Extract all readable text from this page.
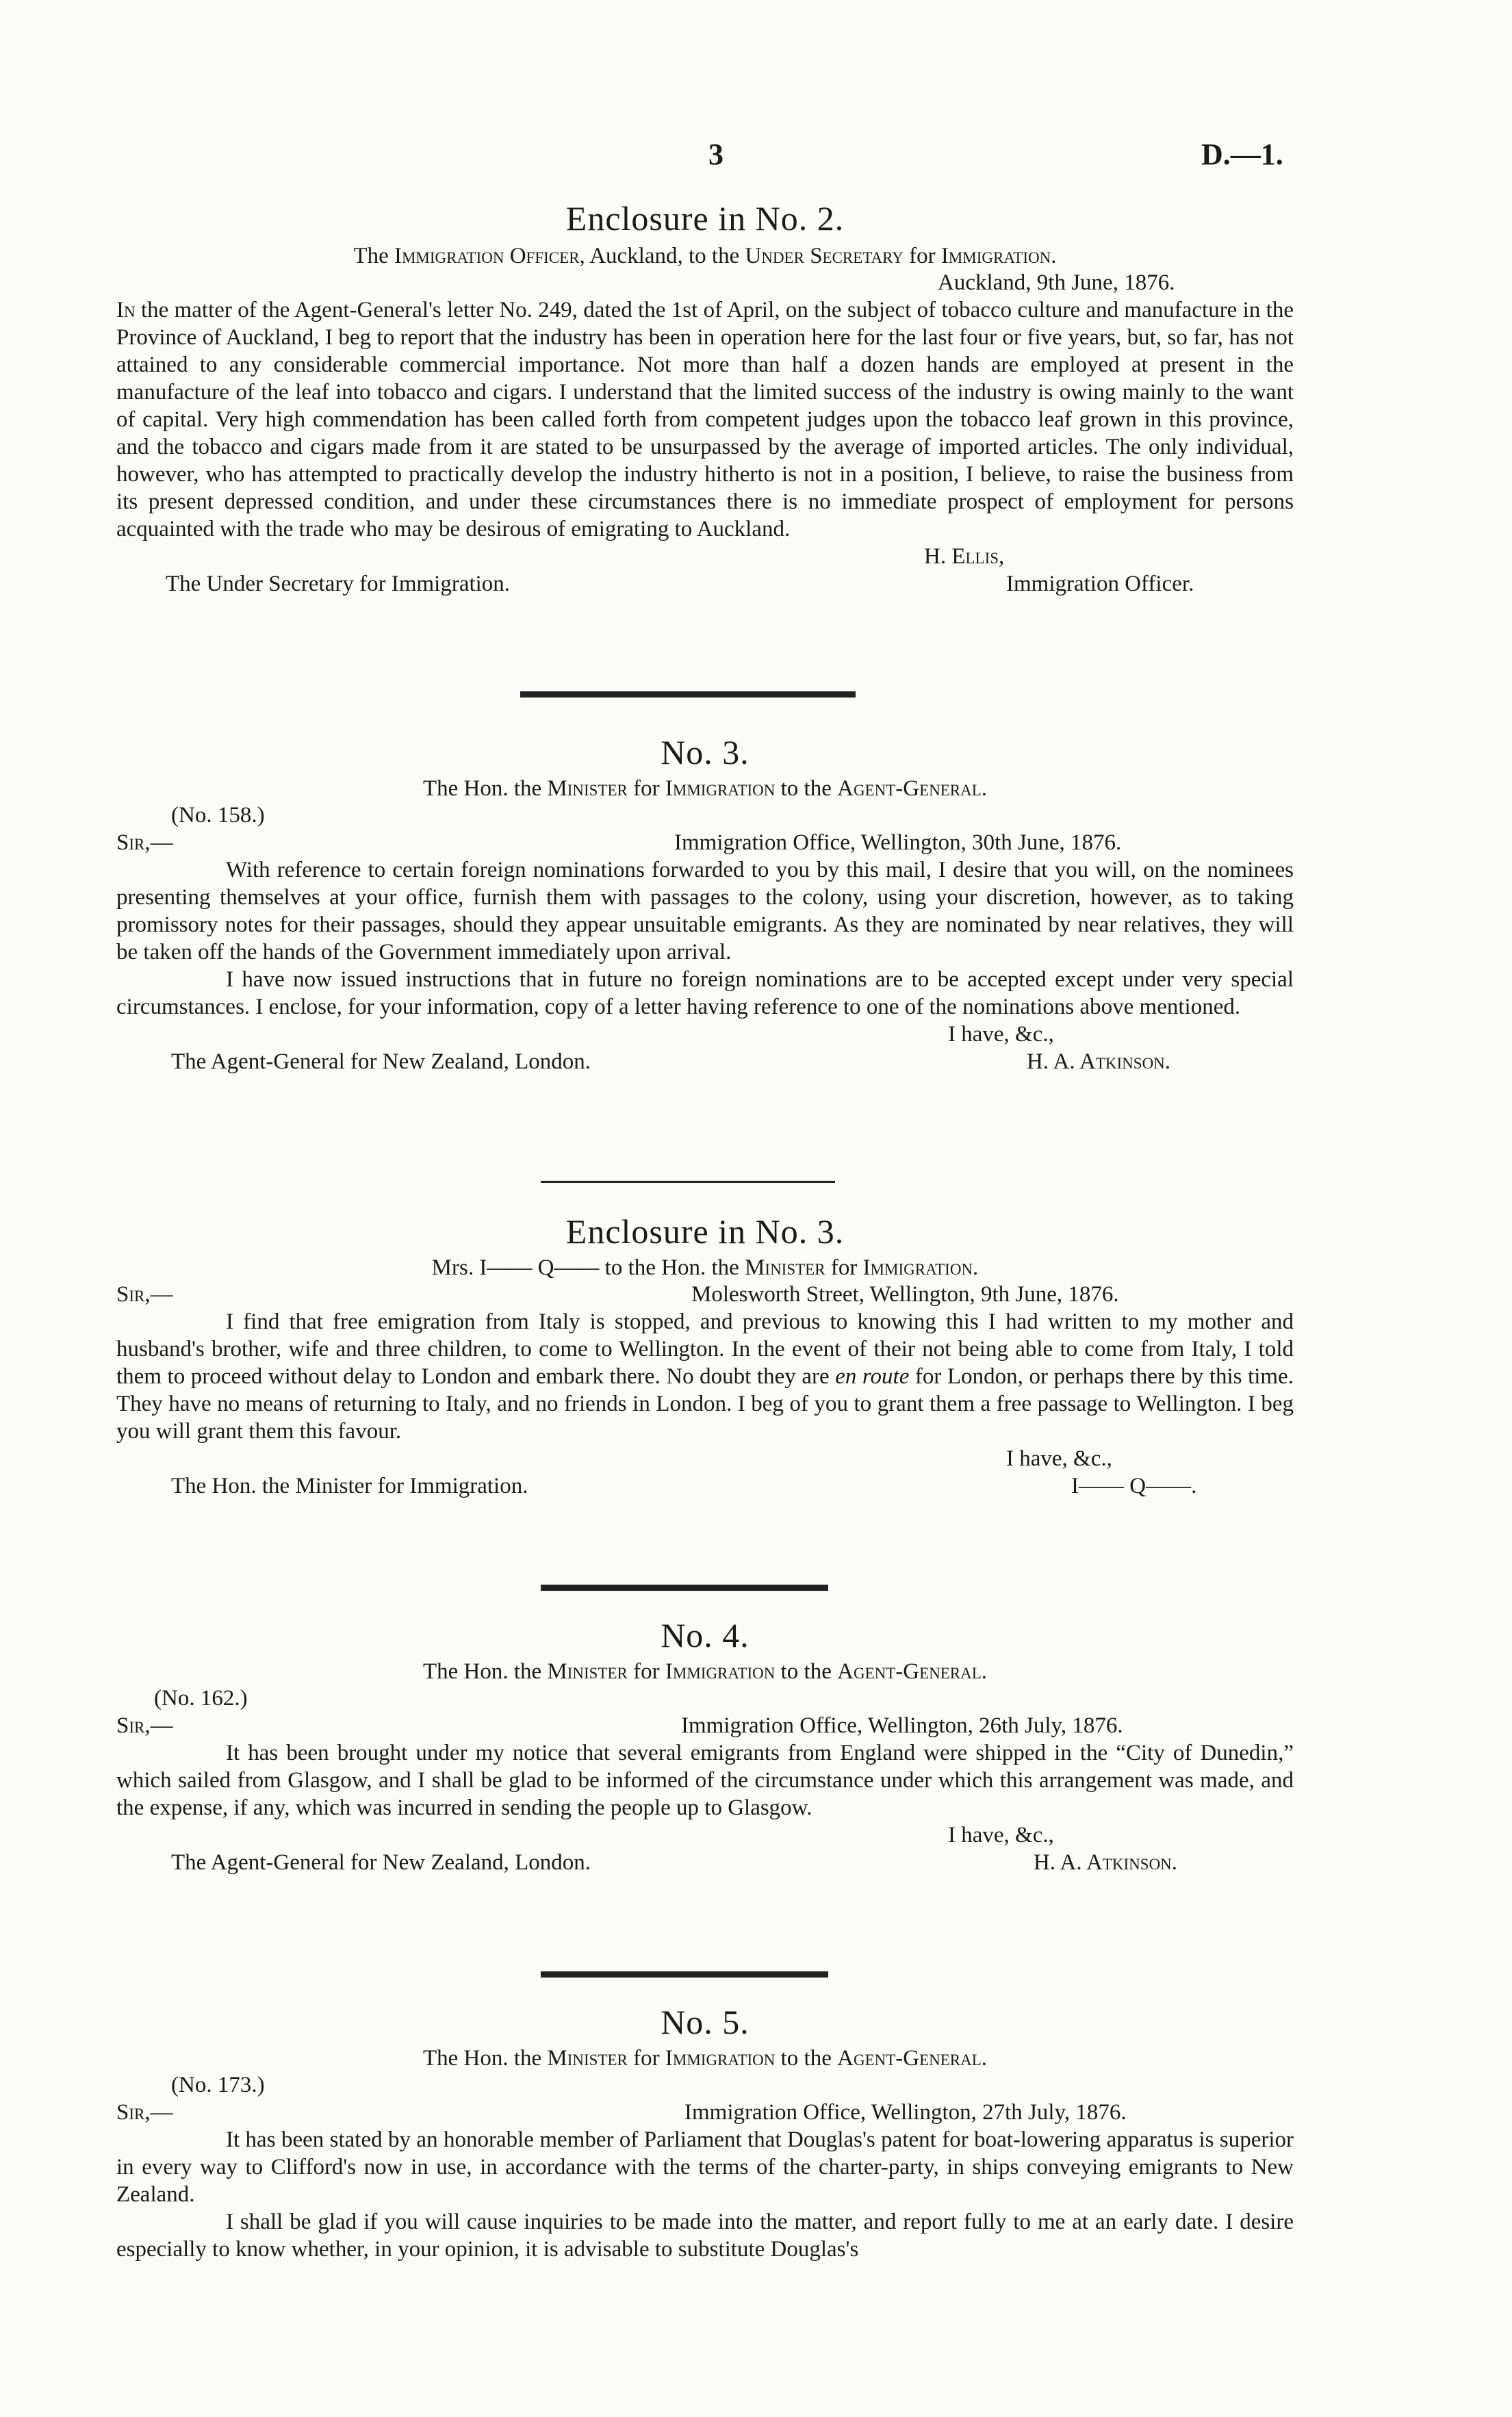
3	D.—1.
Enclosure in No. 2.
The Immigration Officer, Auckland, to the Under Secretary for Immigration.
Auckland, 9th June, 1876.

In the matter of the Agent-General's letter No. 249, dated the 1st of April, on the subject of tobacco culture and manufacture in the Province of Auckland, I beg to report that the industry has been in operation here for the last four or five years, but, so far, has not attained to any considerable commercial importance. Not more than half a dozen hands are employed at present in the manufacture of the leaf into tobacco and cigars. I understand that the limited success of the industry is owing mainly to the want of capital. Very high commendation has been called forth from competent judges upon the tobacco leaf grown in this province, and the tobacco and cigars made from it are stated to be unsurpassed by the average of imported articles. The only individual, however, who has attempted to practically develop the industry hitherto is not in a position, I believe, to raise the business from its present depressed condition, and under these circumstances there is no immediate prospect of employment for persons acquainted with the trade who may be desirous of emigrating to Auckland.

H. Ellis,
The Under Secretary for Immigration.	Immigration Officer.
No. 3.
The Hon. the Minister for Immigration to the Agent-General.
(No. 158.)
Sir,—	Immigration Office, Wellington, 30th June, 1876.

With reference to certain foreign nominations forwarded to you by this mail, I desire that you will, on the nominees presenting themselves at your office, furnish them with passages to the colony, using your discretion, however, as to taking promissory notes for their passages, should they appear unsuitable emigrants. As they are nominated by near relatives, they will be taken off the hands of the Government immediately upon arrival.

I have now issued instructions that in future no foreign nominations are to be accepted except under very special circumstances. I enclose, for your information, copy of a letter having reference to one of the nominations above mentioned.

I have, &c.,
The Agent-General for New Zealand, London.	H. A. Atkinson.
Enclosure in No. 3.
Mrs. I—— Q—— to the Hon. the Minister for Immigration.
Sir,—	Molesworth Street, Wellington, 9th June, 1876.

I find that free emigration from Italy is stopped, and previous to knowing this I had written to my mother and husband's brother, wife and three children, to come to Wellington. In the event of their not being able to come from Italy, I told them to proceed without delay to London and embark there. No doubt they are en route for London, or perhaps there by this time. They have no means of returning to Italy, and no friends in London. I beg of you to grant them a free passage to Wellington. I beg you will grant them this favour.

I have, &c.,
The Hon. the Minister for Immigration.	I—— Q——.
No. 4.
The Hon. the Minister for Immigration to the Agent-General.
(No. 162.)
Sir,—	Immigration Office, Wellington, 26th July, 1876.

It has been brought under my notice that several emigrants from England were shipped in the “City of Dunedin,” which sailed from Glasgow, and I shall be glad to be informed of the circumstance under which this arrangement was made, and the expense, if any, which was incurred in sending the people up to Glasgow.

I have, &c.,
The Agent-General for New Zealand, London.	H. A. Atkinson.
No. 5.
The Hon. the Minister for Immigration to the Agent-General.
(No. 173.)
Sir,—	Immigration Office, Wellington, 27th July, 1876.

It has been stated by an honorable member of Parliament that Douglas's patent for boat-lowering apparatus is superior in every way to Clifford's now in use, in accordance with the terms of the charter-party, in ships conveying emigrants to New Zealand.

I shall be glad if you will cause inquiries to be made into the matter, and report fully to me at an early date. I desire especially to know whether, in your opinion, it is advisable to substitute Douglas's
